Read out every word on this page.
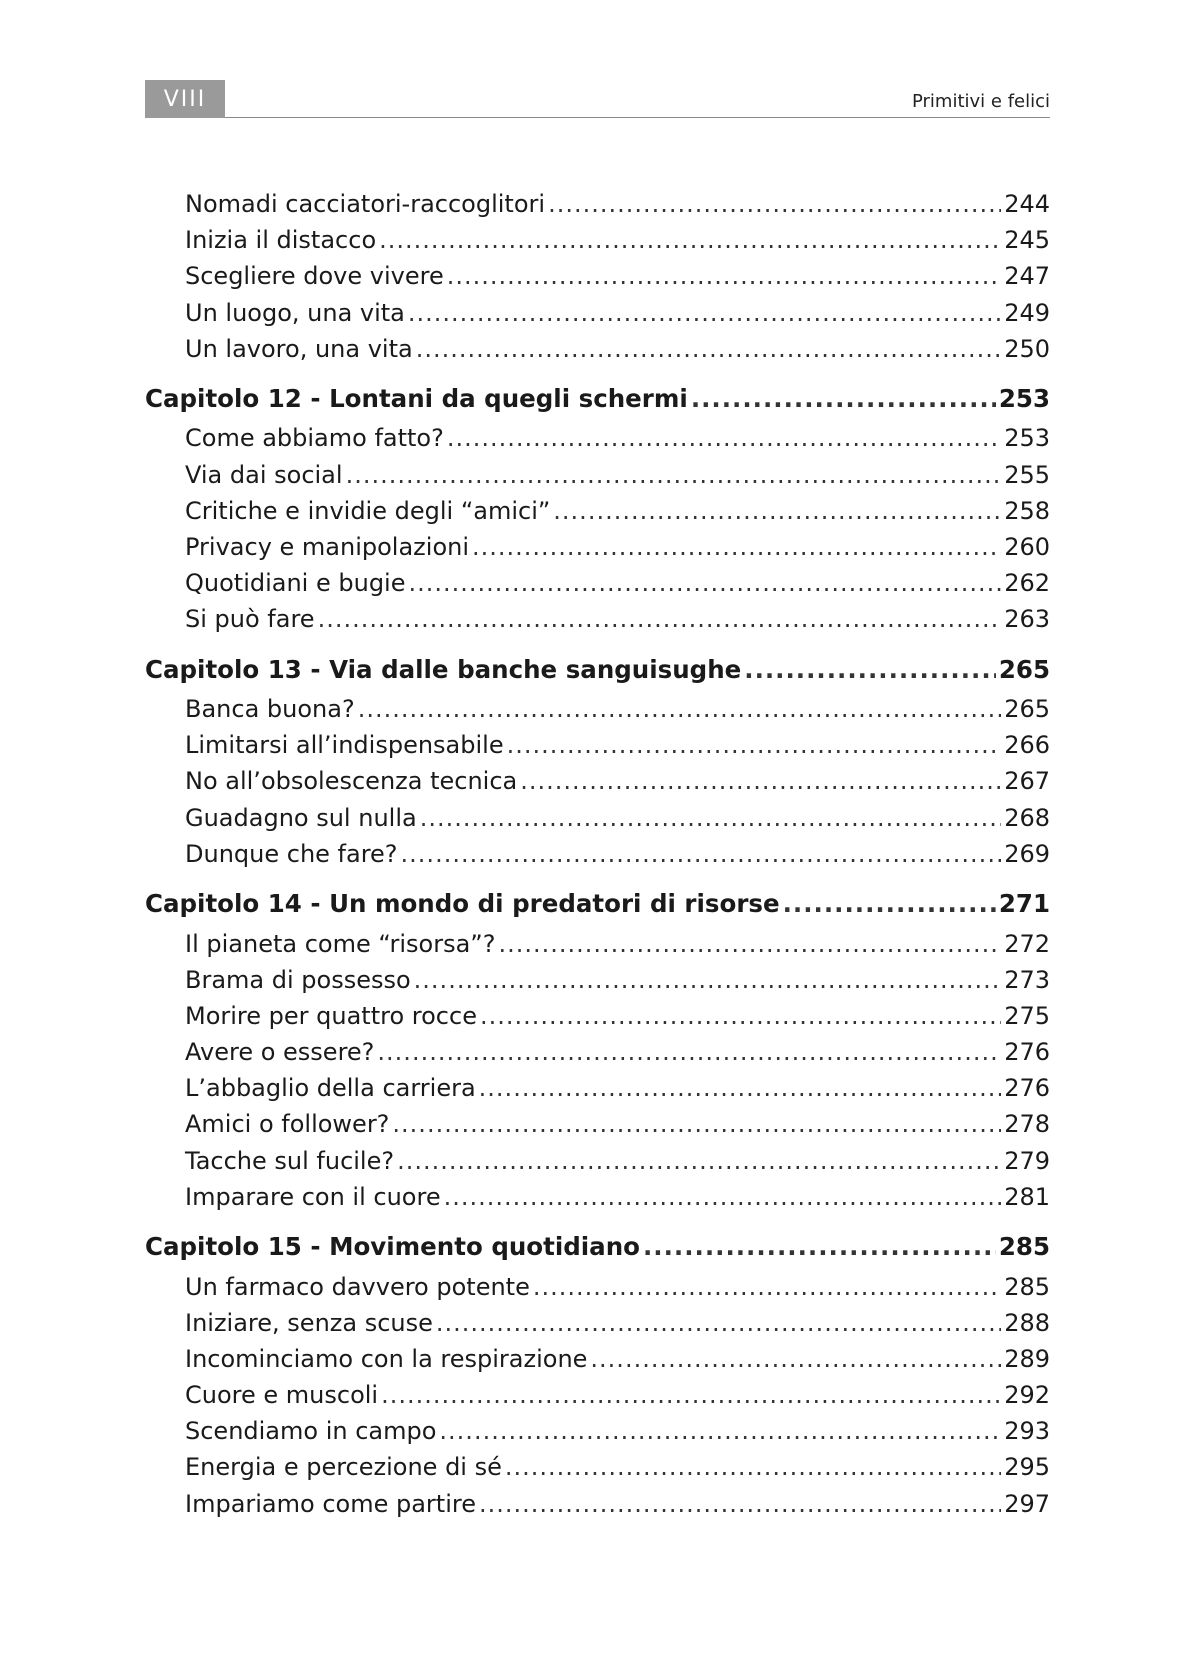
VIII	Primitivi e felici
Nomadi cacciatori-raccoglitori .....	244
Inizia il distacco .....	245
Scegliere dove vivere .....	247
Un luogo, una vita .....	249
Un lavoro, una vita .....	250
Capitolo 12 - Lontani da quegli schermi .....	253
Come abbiamo fatto? .....	253
Via dai social .....	255
Critiche e invidie degli “amici” .....	258
Privacy e manipolazioni .....	260
Quotidiani e bugie .....	262
Si può fare .....	263
Capitolo 13 - Via dalle banche sanguisughe .....	265
Banca buona? .....	265
Limitarsi all’indispensabile .....	266
No all’obsolescenza tecnica .....	267
Guadagno sul nulla .....	268
Dunque che fare? .....	269
Capitolo 14 - Un mondo di predatori di risorse .....	271
Il pianeta come “risorsa”? .....	272
Brama di possesso .....	273
Morire per quattro rocce .....	275
Avere o essere? .....	276
L’abbaglio della carriera .....	276
Amici o follower? .....	278
Tacche sul fucile? .....	279
Imparare con il cuore .....	281
Capitolo 15 - Movimento quotidiano .....	285
Un farmaco davvero potente .....	285
Iniziare, senza scuse .....	288
Incominciamo con la respirazione .....	289
Cuore e muscoli .....	292
Scendiamo in campo .....	293
Energia e percezione di sé .....	295
Impariamo come partire .....	297
